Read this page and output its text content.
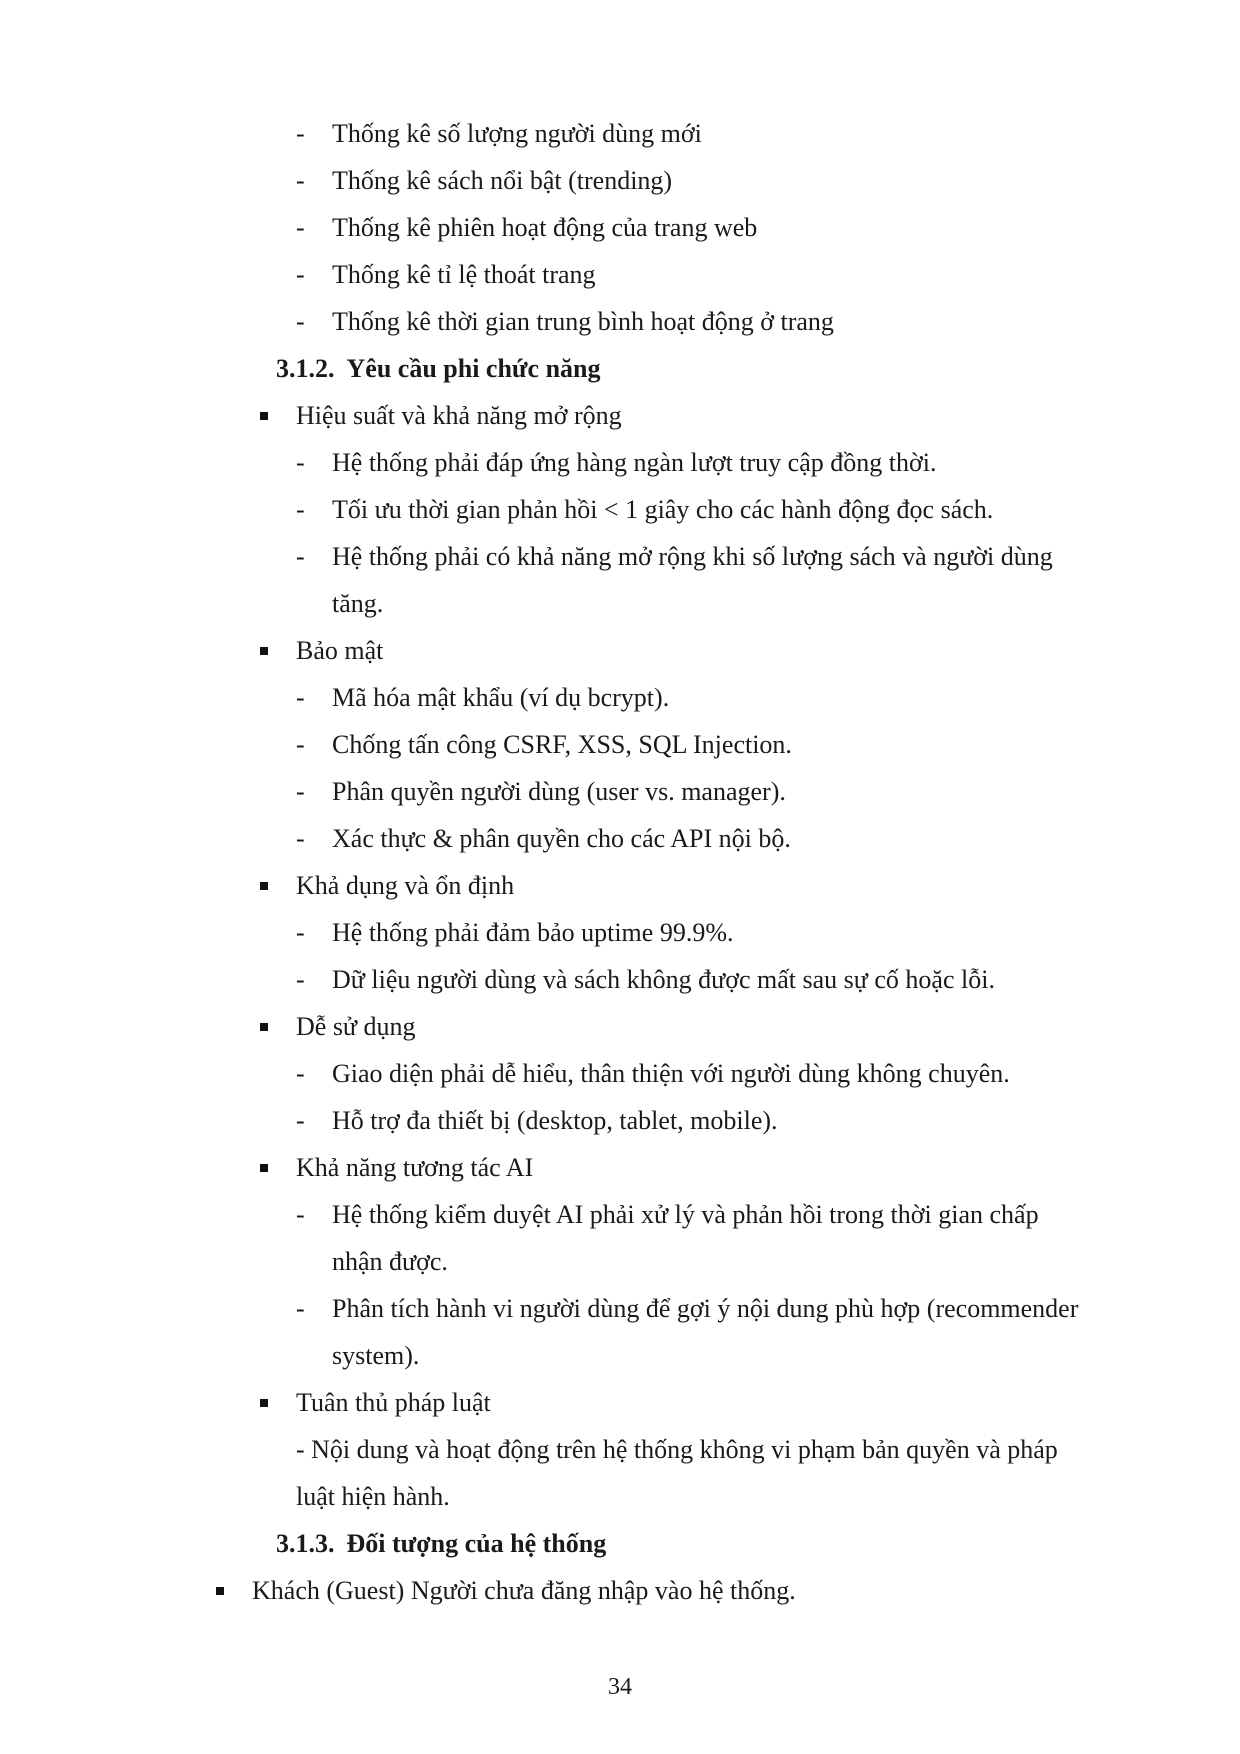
-	Thống kê số lượng người dùng mới
-	Thống kê sách nổi bật (trending)
-	Thống kê phiên hoạt động của trang web
-	Thống kê tỉ lệ thoát trang
-	Thống kê thời gian trung bình hoạt động ở trang
3.1.2. Yêu cầu phi chức năng
Hiệu suất và khả năng mở rộng
-	Hệ thống phải đáp ứng hàng ngàn lượt truy cập đồng thời.
-	Tối ưu thời gian phản hồi < 1 giây cho các hành động đọc sách.
-	Hệ thống phải có khả năng mở rộng khi số lượng sách và người dùng
tăng.
Bảo mật
-	Mã hóa mật khẩu (ví dụ bcrypt).
-	Chống tấn công CSRF, XSS, SQL Injection.
-	Phân quyền người dùng (user vs. manager).
-	Xác thực & phân quyền cho các API nội bộ.
Khả dụng và ổn định
-	Hệ thống phải đảm bảo uptime 99.9%.
-	Dữ liệu người dùng và sách không được mất sau sự cố hoặc lỗi.
Dễ sử dụng
-	Giao diện phải dễ hiểu, thân thiện với người dùng không chuyên.
-	Hỗ trợ đa thiết bị (desktop, tablet, mobile).
Khả năng tương tác AI
-	Hệ thống kiểm duyệt AI phải xử lý và phản hồi trong thời gian chấp
nhận được.
-	Phân tích hành vi người dùng để gợi ý nội dung phù hợp (recommender
system).
Tuân thủ pháp luật
- Nội dung và hoạt động trên hệ thống không vi phạm bản quyền và pháp
luật hiện hành.
3.1.3. Đối tượng của hệ thống
Khách (Guest) Người chưa đăng nhập vào hệ thống.
34
